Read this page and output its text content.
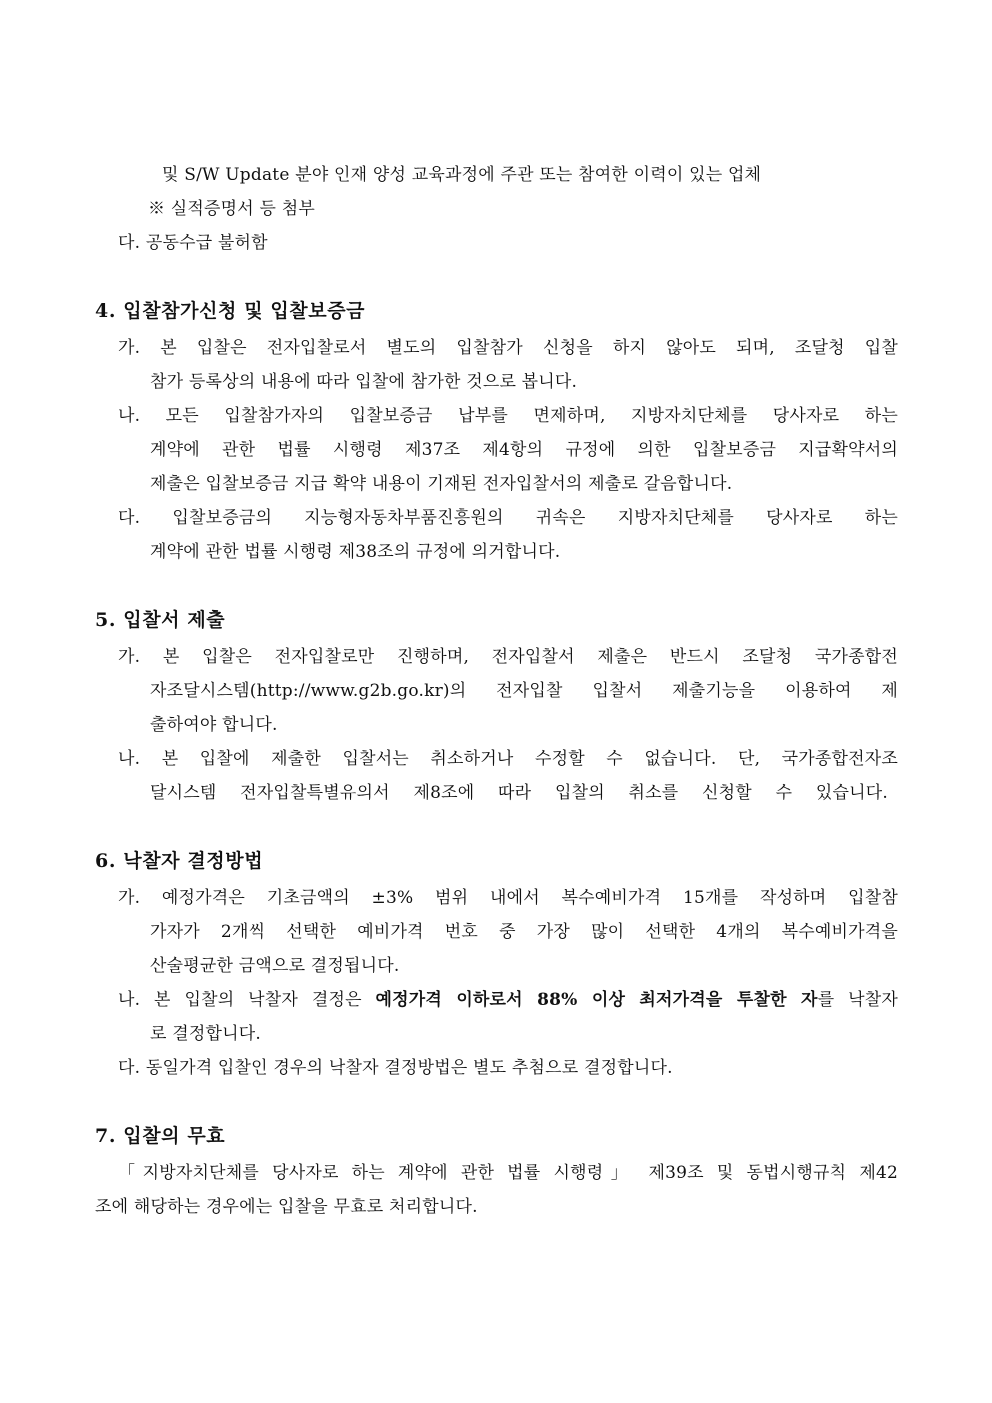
및 S/W Update 분야 인재 양성 교육과정에 주관 또는 참여한 이력이 있는 업체
※ 실적증명서 등 첨부
다. 공동수급 불허함
4. 입찰참가신청 및 입찰보증금
가. 본 입찰은 전자입찰로서 별도의 입찰참가 신청을 하지 않아도 되며, 조달청 입찰
참가 등록상의 내용에 따라 입찰에 참가한 것으로 봅니다.
나. 모든 입찰참가자의 입찰보증금 납부를 면제하며, 지방자치단체를 당사자로 하는
계약에 관한 법률 시행령 제37조 제4항의 규정에 의한 입찰보증금 지급확약서의
제출은 입찰보증금 지급 확약 내용이 기재된 전자입찰서의 제출로 갈음합니다.
다. 입찰보증금의 지능형자동차부품진흥원의 귀속은 지방자치단체를 당사자로 하는
계약에 관한 법률 시행령 제38조의 규정에 의거합니다.
5. 입찰서 제출
가. 본 입찰은 전자입찰로만 진행하며, 전자입찰서 제출은 반드시 조달청 국가종합전
자조달시스템(http://www.g2b.go.kr)의 전자입찰 입찰서 제출기능을 이용하여 제
출하여야 합니다.
나. 본 입찰에 제출한 입찰서는 취소하거나 수정할 수 없습니다. 단, 국가종합전자조
달시스템 전자입찰특별유의서 제8조에 따라 입찰의 취소를 신청할 수 있습니다.
6. 낙찰자 결정방법
가. 예정가격은 기초금액의 ±3% 범위 내에서 복수예비가격 15개를 작성하며 입찰참
가자가 2개씩 선택한 예비가격 번호 중 가장 많이 선택한 4개의 복수예비가격을
산술평균한 금액으로 결정됩니다.
나. 본 입찰의 낙찰자 결정은 예정가격 이하로서 88% 이상 최저가격을 투찰한 자를 낙찰자
로 결정합니다.
다. 동일가격 입찰인 경우의 낙찰자 결정방법은 별도 추첨으로 결정합니다.
7. 입찰의 무효
「지방자치단체를 당사자로 하는 계약에 관한 법률 시행령」 제39조 및 동법시행규칙 제42
조에 해당하는 경우에는 입찰을 무효로 처리합니다.
